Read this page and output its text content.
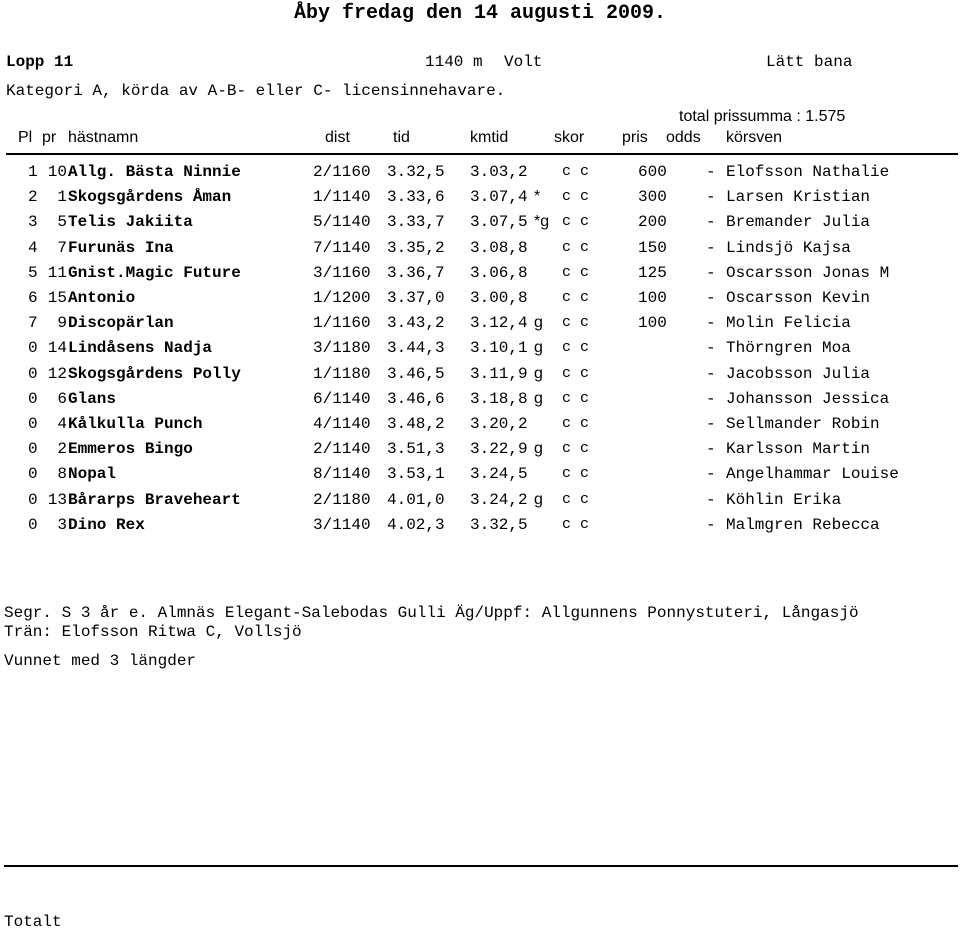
Åby fredag den 14 augusti 2009.
Lopp 11	1140 m Volt	Lätt bana
Kategori A, körda av A-B- eller C- licensinnehavare.
total prissumma : 1.575
Pl pr hästnamn	dist	tid	kmtid	skor pris odds körsven
1 10 Allg. Bästa Ninnie	2/1160 3.32,5 3.03,2 c c	600 - Elofsson Nathalie
2	1 Skogsgårdens Åman	1/1140 3.33,6 3.07,4 * c c	300 - Larsen Kristian
3	5 Telis Jakiita	5/1140 3.33,7 3.07,5 *g c c	200 - Bremander Julia
4	7 Furunäs Ina	7/1140 3.35,2 3.08,8 c c	150 - Lindsjö Kajsa
5 11 Gnist.Magic Future	3/1160 3.36,7 3.06,8 c c	125 - Oscarsson Jonas M
6 15 Antonio	1/1200 3.37,0 3.00,8 c c	100 - Oscarsson Kevin
7	9 Discopärlan	1/1160 3.43,2 3.12,4 g c c	100 - Molin Felicia
0 14 Lindåsens Nadja	3/1180 3.44,3 3.10,1 g c c	- Thörngren Moa
0 12 Skogsgårdens Polly	1/1180 3.46,5 3.11,9 g c c	- Jacobsson Julia
0	6 Glans	6/1140 3.46,6 3.18,8 g c c	- Johansson Jessica
0	4 Kålkulla Punch	4/1140 3.48,2 3.20,2 c c	- Sellmander Robin
0	2 Emmeros Bingo	2/1140 3.51,3 3.22,9 g c c	- Karlsson Martin
0	8 Nopal	8/1140 3.53,1 3.24,5 c c	- Angelhammar Louise
0 13 Bårarps Braveheart	2/1180 4.01,0 3.24,2 g c c	- Köhlin Erika
0	3 Dino Rex	3/1140 4.02,3 3.32,5 c c	- Malmgren Rebecca
Segr. S 3 år e. Almnäs Elegant-Salebodas Gulli Äg/Uppf: Allgunnens Ponnystuteri, Långasjö
Trän: Elofsson Ritwa C, Vollsjö
Vunnet med 3 längder
Totalt
